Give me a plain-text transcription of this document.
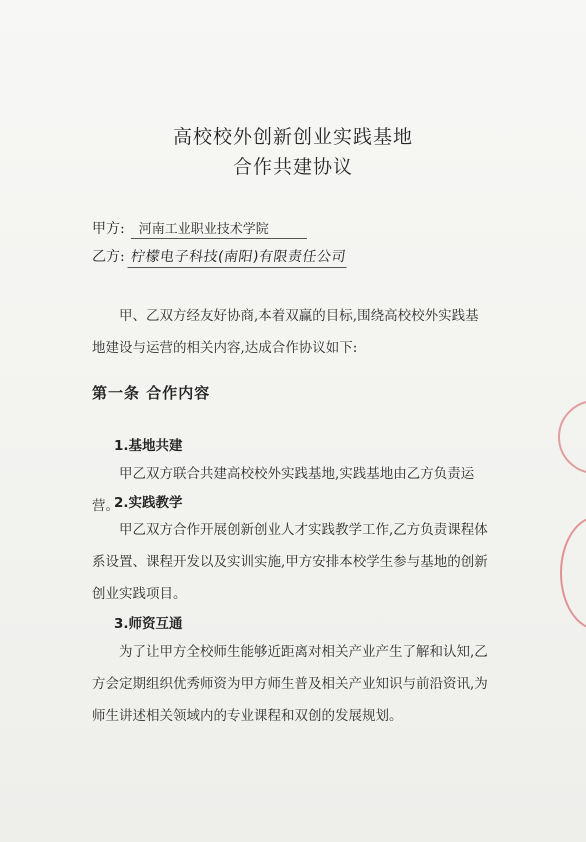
高校校外创新创业实践基地
合作共建协议
甲方: 河南工业职业技术学院
乙方: 柠檬电子科技(南阳)有限责任公司
甲、乙双方经友好协商,本着双赢的目标,围绕高校校外实践基地建设与运营的相关内容,达成合作协议如下:
第一条 合作内容
1.基地共建
甲乙双方联合共建高校校外实践基地,实践基地由乙方负责运营。
2.实践教学
甲乙双方合作开展创新创业人才实践教学工作,乙方负责课程体系设置、课程开发以及实训实施,甲方安排本校学生参与基地的创新创业实践项目。
3.师资互通
为了让甲方全校师生能够近距离对相关产业产生了解和认知,乙方会定期组织优秀师资为甲方师生普及相关产业知识与前沿资讯,为师生讲述相关领域内的专业课程和双创的发展规划。
